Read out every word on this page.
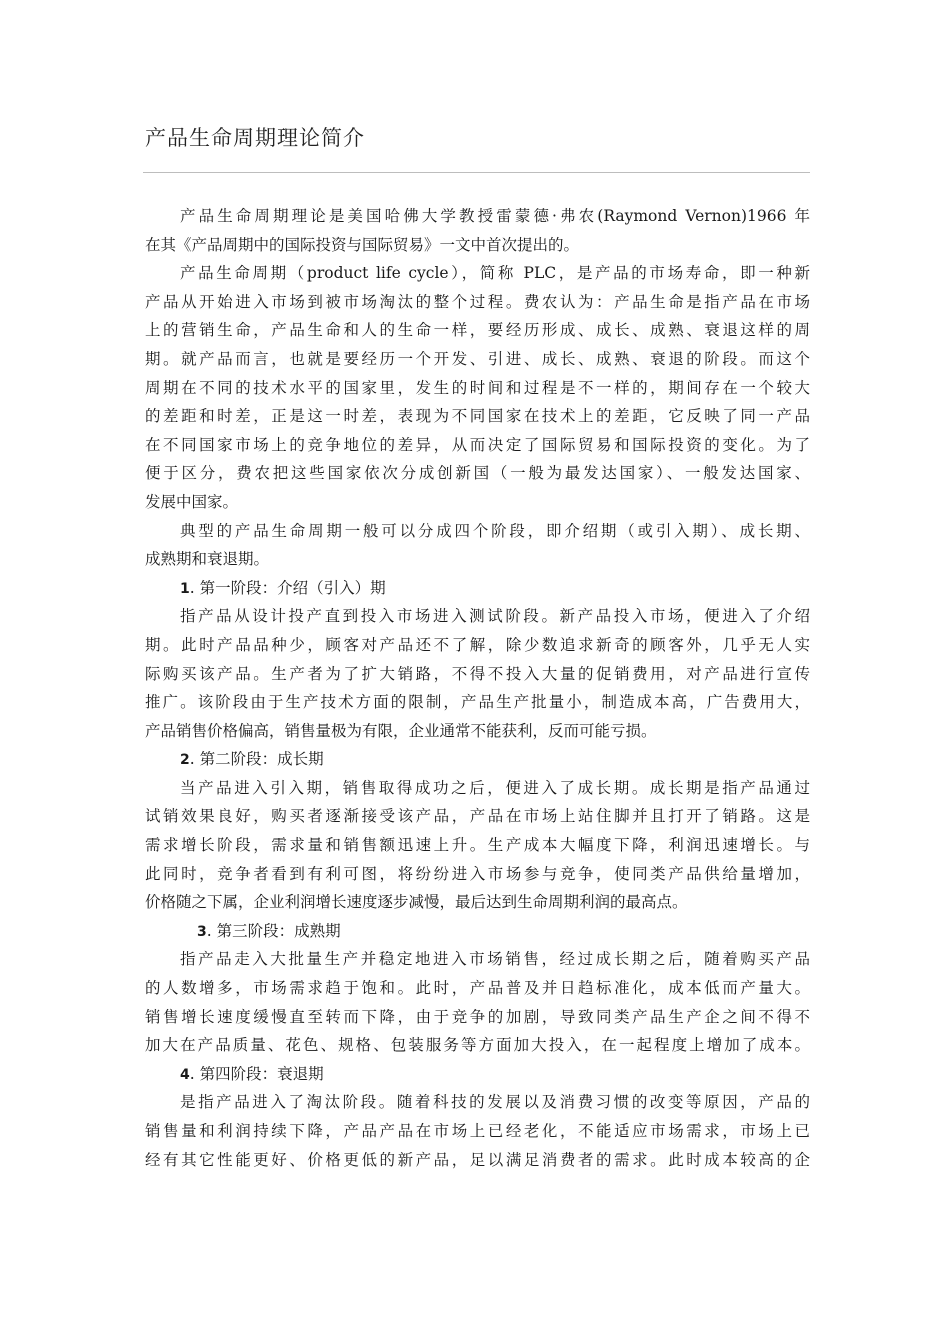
产品生命周期理论简介
产品生命周期理论是美国哈佛大学教授雷蒙德·弗农(Raymond Vernon)1966 年
在其《产品周期中的国际投资与国际贸易》一文中首次提出的。
产品生命周期（product life cycle），简称 PLC，是产品的市场寿命，即一种新
产品从开始进入市场到被市场淘汰的整个过程。费农认为：产品生命是指产品在市场
上的营销生命，产品生命和人的生命一样，要经历形成、成长、成熟、衰退这样的周
期。就产品而言，也就是要经历一个开发、引进、成长、成熟、衰退的阶段。而这个
周期在不同的技术水平的国家里，发生的时间和过程是不一样的，期间存在一个较大
的差距和时差，正是这一时差，表现为不同国家在技术上的差距，它反映了同一产品
在不同国家市场上的竞争地位的差异，从而决定了国际贸易和国际投资的变化。为了
便于区分，费农把这些国家依次分成创新国（一般为最发达国家）、一般发达国家、
发展中国家。
典型的产品生命周期一般可以分成四个阶段，即介绍期（或引入期）、成长期、
成熟期和衰退期。
1. 第一阶段：介绍（引入）期
指产品从设计投产直到投入市场进入测试阶段。新产品投入市场，便进入了介绍
期。此时产品品种少，顾客对产品还不了解，除少数追求新奇的顾客外，几乎无人实
际购买该产品。生产者为了扩大销路，不得不投入大量的促销费用，对产品进行宣传
推广。该阶段由于生产技术方面的限制，产品生产批量小，制造成本高，广告费用大，
产品销售价格偏高，销售量极为有限，企业通常不能获利，反而可能亏损。
2. 第二阶段：成长期
当产品进入引入期，销售取得成功之后，便进入了成长期。成长期是指产品通过
试销效果良好，购买者逐渐接受该产品，产品在市场上站住脚并且打开了销路。这是
需求增长阶段，需求量和销售额迅速上升。生产成本大幅度下降，利润迅速增长。与
此同时，竞争者看到有利可图，将纷纷进入市场参与竞争，使同类产品供给量增加，
价格随之下属，企业利润增长速度逐步减慢，最后达到生命周期利润的最高点。
3. 第三阶段：成熟期
指产品走入大批量生产并稳定地进入市场销售，经过成长期之后，随着购买产品
的人数增多，市场需求趋于饱和。此时，产品普及并日趋标准化，成本低而产量大。
销售增长速度缓慢直至转而下降，由于竞争的加剧，导致同类产品生产企之间不得不
加大在产品质量、花色、规格、包装服务等方面加大投入，在一起程度上增加了成本。
4. 第四阶段：衰退期
是指产品进入了淘汰阶段。随着科技的发展以及消费习惯的改变等原因，产品的
销售量和利润持续下降，产品产品在市场上已经老化，不能适应市场需求，市场上已
经有其它性能更好、价格更低的新产品，足以满足消费者的需求。此时成本较高的企
